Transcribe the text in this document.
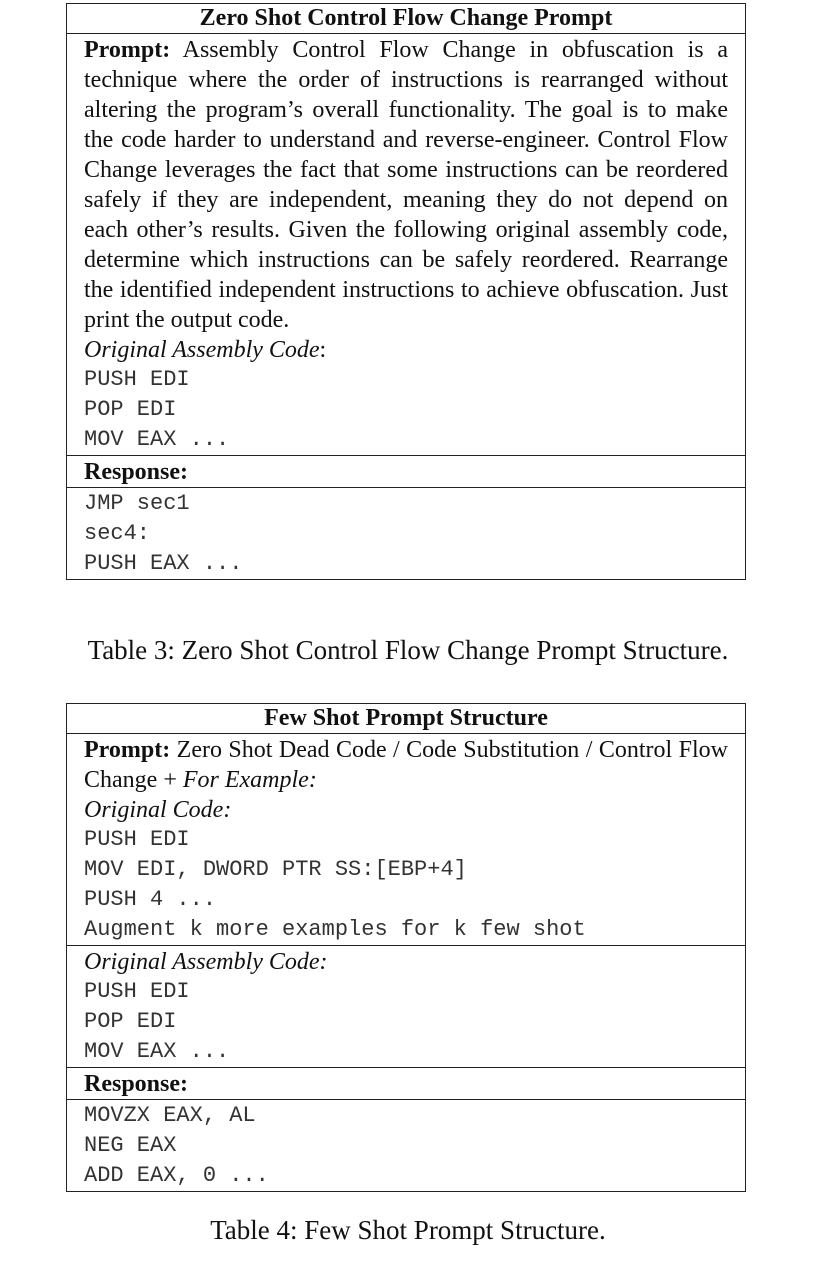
Zero Shot Control Flow Change Prompt

Prompt: Assembly Control Flow Change in obfuscation is a technique where the order of instructions is rearranged without altering the program’s overall functionality. The goal is to make the code harder to understand and reverse-engineer. Control Flow Change leverages the fact that some instructions can be reordered safely if they are independent, meaning they do not depend on each other’s results. Given the following original assembly code, determine which instructions can be safely reordered. Rearrange the identified independent instructions to achieve obfuscation. Just print the output code.

Original Assembly Code:
PUSH EDI
POP EDI
MOV EAX ...
Response:
JMP sec1
sec4:
PUSH EAX ...
Table 3: Zero Shot Control Flow Change Prompt Structure.
Few Shot Prompt Structure

Prompt: Zero Shot Dead Code / Code Substitution / Control Flow Change + For Example:

Original Code:
PUSH EDI
MOV EDI, DWORD PTR SS:[EBP+4]
PUSH 4 ...
Augment k more examples for k few shot
Original Assembly Code:
PUSH EDI
POP EDI
MOV EAX ...
Response:
MOVZX EAX, AL
NEG EAX
ADD EAX, 0 ...
Table 4: Few Shot Prompt Structure.
